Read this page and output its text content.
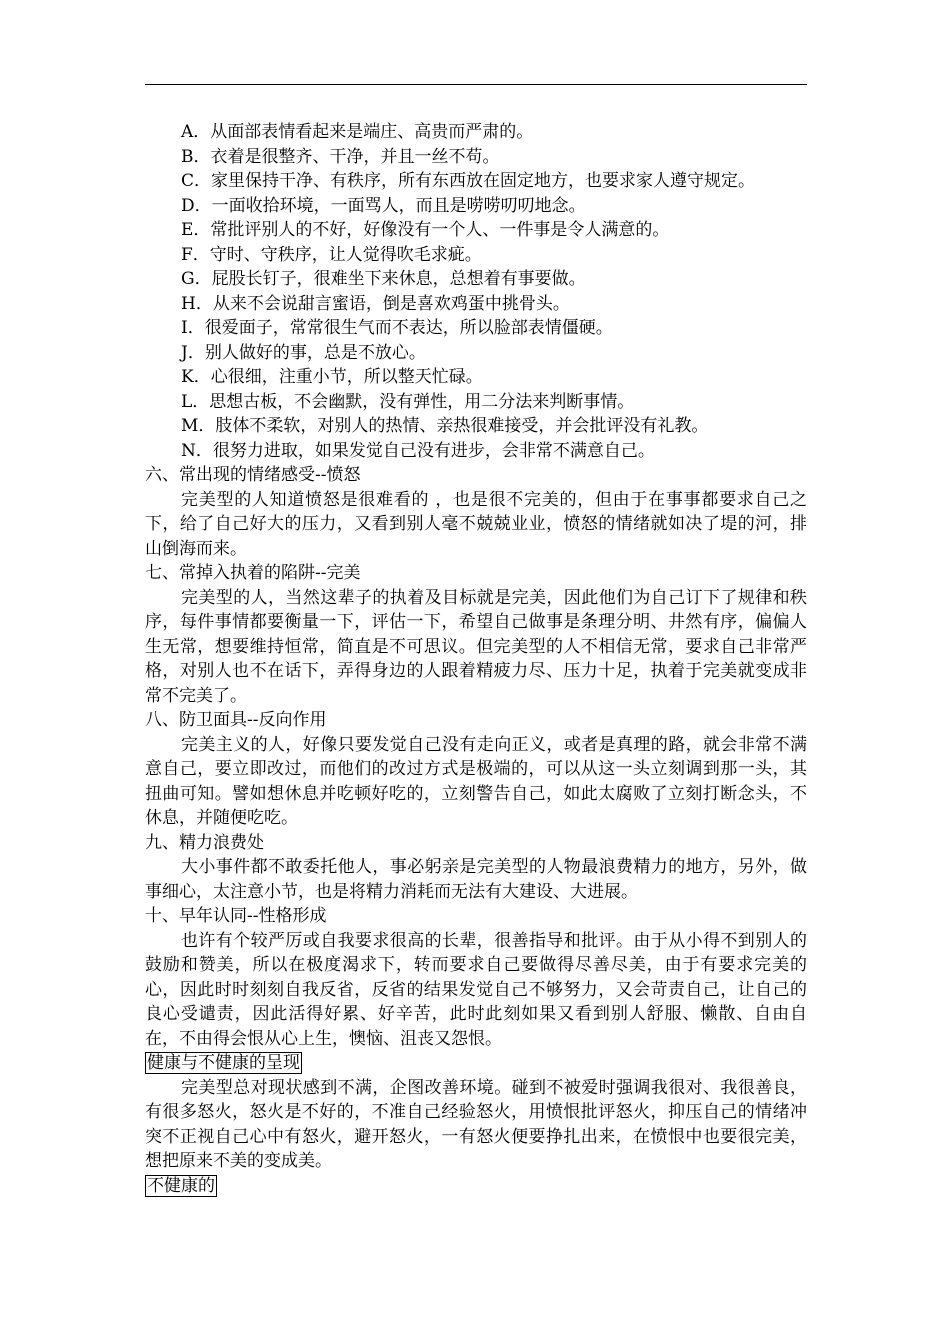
A．从面部表情看起来是端庄、高贵而严肃的。
B．衣着是很整齐、干净，并且一丝不苟。
C．家里保持干净、有秩序，所有东西放在固定地方，也要求家人遵守规定。
D．一面收拾环境，一面骂人，而且是唠唠叨叨地念。
E．常批评别人的不好，好像没有一个人、一件事是令人满意的。
F．守时、守秩序，让人觉得吹毛求疵。
G．屁股长钉子，很难坐下来休息，总想着有事要做。
H．从来不会说甜言蜜语，倒是喜欢鸡蛋中挑骨头。
I．很爱面子，常常很生气而不表达，所以脸部表情僵硬。
J．别人做好的事，总是不放心。
K．心很细，注重小节，所以整天忙碌。
L．思想古板，不会幽默，没有弹性，用二分法来判断事情。
M．肢体不柔软，对别人的热情、亲热很难接受，并会批评没有礼教。
N．很努力进取，如果发觉自己没有进步，会非常不满意自己。
六、常出现的情绪感受--愤怒

完美型的人知道愤怒是很难看的 ，也是很不完美的，但由于在事事都要求自己之下，给了自己好大的压力，又看到别人毫不兢兢业业，愤怒的情绪就如决了堤的河，排山倒海而来。

七、常掉入执着的陷阱--完美

完美型的人，当然这辈子的执着及目标就是完美，因此他们为自己订下了规律和秩序，每件事情都要衡量一下，评估一下，希望自己做事是条理分明、井然有序，偏偏人生无常，想要维持恒常，简直是不可思议。但完美型的人不相信无常，要求自己非常严格，对别人也不在话下，弄得身边的人跟着精疲力尽、压力十足，执着于完美就变成非常不完美了。

八、防卫面具--反向作用

完美主义的人，好像只要发觉自己没有走向正义，或者是真理的路，就会非常不满意自己，要立即改过，而他们的改过方式是极端的，可以从这一头立刻调到那一头，其扭曲可知。譬如想休息并吃顿好吃的，立刻警告自己，如此太腐败了立刻打断念头，不休息，并随便吃吃。

九、精力浪费处

大小事件都不敢委托他人，事必躬亲是完美型的人物最浪费精力的地方，另外，做事细心，太注意小节，也是将精力消耗而无法有大建设、大进展。

十、早年认同--性格形成

也许有个较严厉或自我要求很高的长辈，很善指导和批评。由于从小得不到别人的鼓励和赞美，所以在极度渴求下，转而要求自己要做得尽善尽美，由于有要求完美的心，因此时时刻刻自我反省，反省的结果发觉自己不够努力，又会苛责自己，让自己的良心受谴责，因此活得好累、好辛苦，此时此刻如果又看到别人舒服、懒散、自由自在，不由得会恨从心上生，懊恼、沮丧又怨恨。

健康与不健康的呈现

完美型总对现状感到不满，企图改善环境。碰到不被爱时强调我很对、我很善良，有很多怒火，怒火是不好的，不准自己经验怒火，用愤恨批评怒火，抑压自己的情绪冲突不正视自己心中有怒火，避开怒火，一有怒火便要挣扎出来，在愤恨中也要很完美，想把原来不美的变成美。

不健康的
